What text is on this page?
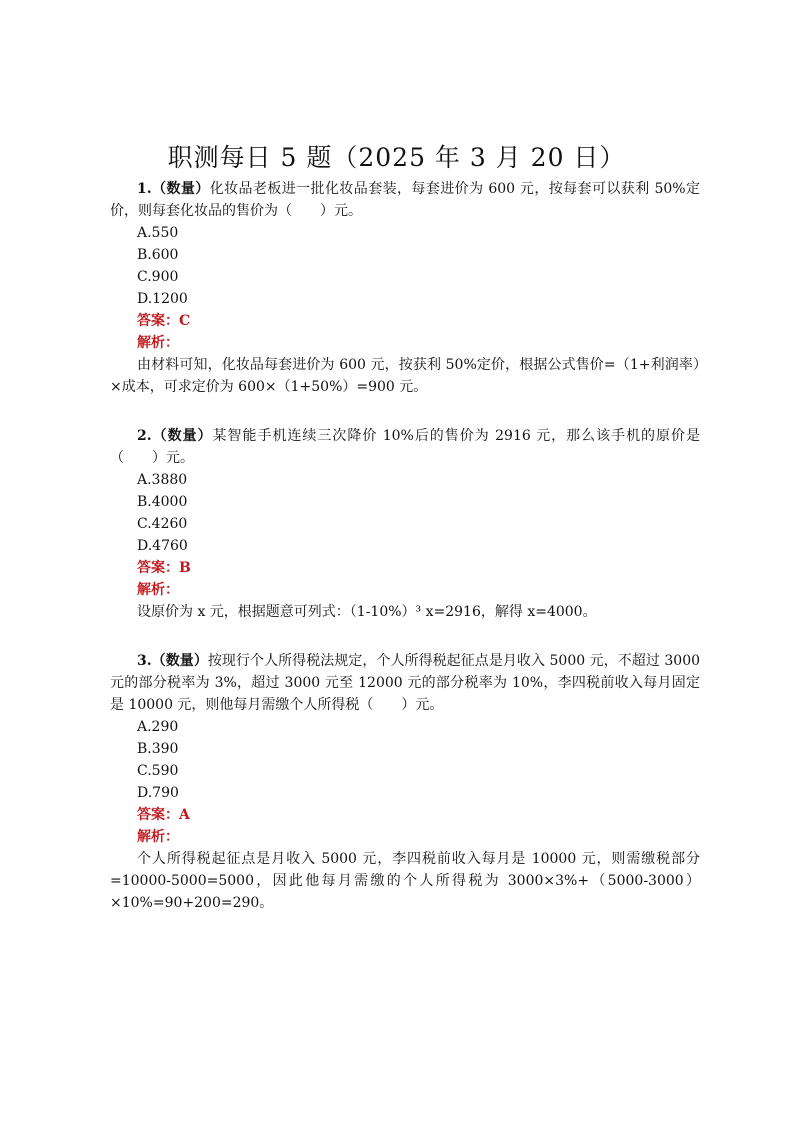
职测每日 5 题（2025 年 3 月 20 日）

1.（数量）化妆品老板进一批化妆品套装，每套进价为 600 元，按每套可以获利 50%定价，则每套化妆品的售价为（　　）元。

A.550

B.600

C.900

D.1200

答案：C

解析：

由材料可知，化妆品每套进价为 600 元，按获利 50%定价，根据公式售价=（1+利润率）×成本，可求定价为 600×（1+50%）=900 元。

2.（数量）某智能手机连续三次降价 10%后的售价为 2916 元，那么该手机的原价是（　　）元。

A.3880

B.4000

C.4260

D.4760

答案：B

解析：

设原价为 x 元，根据题意可列式：（1-10%）³ x=2916，解得 x=4000。

3.（数量）按现行个人所得税法规定，个人所得税起征点是月收入 5000 元，不超过 3000 元的部分税率为 3%，超过 3000 元至 12000 元的部分税率为 10%，李四税前收入每月固定是 10000 元，则他每月需缴个人所得税（　　）元。

A.290

B.390

C.590

D.790

答案：A

解析：

个人所得税起征点是月收入 5000 元，李四税前收入每月是 10000 元，则需缴税部分=10000-5000=5000，因此他每月需缴的个人所得税为 3000×3%+（5000-3000）×10%=90+200=290。
